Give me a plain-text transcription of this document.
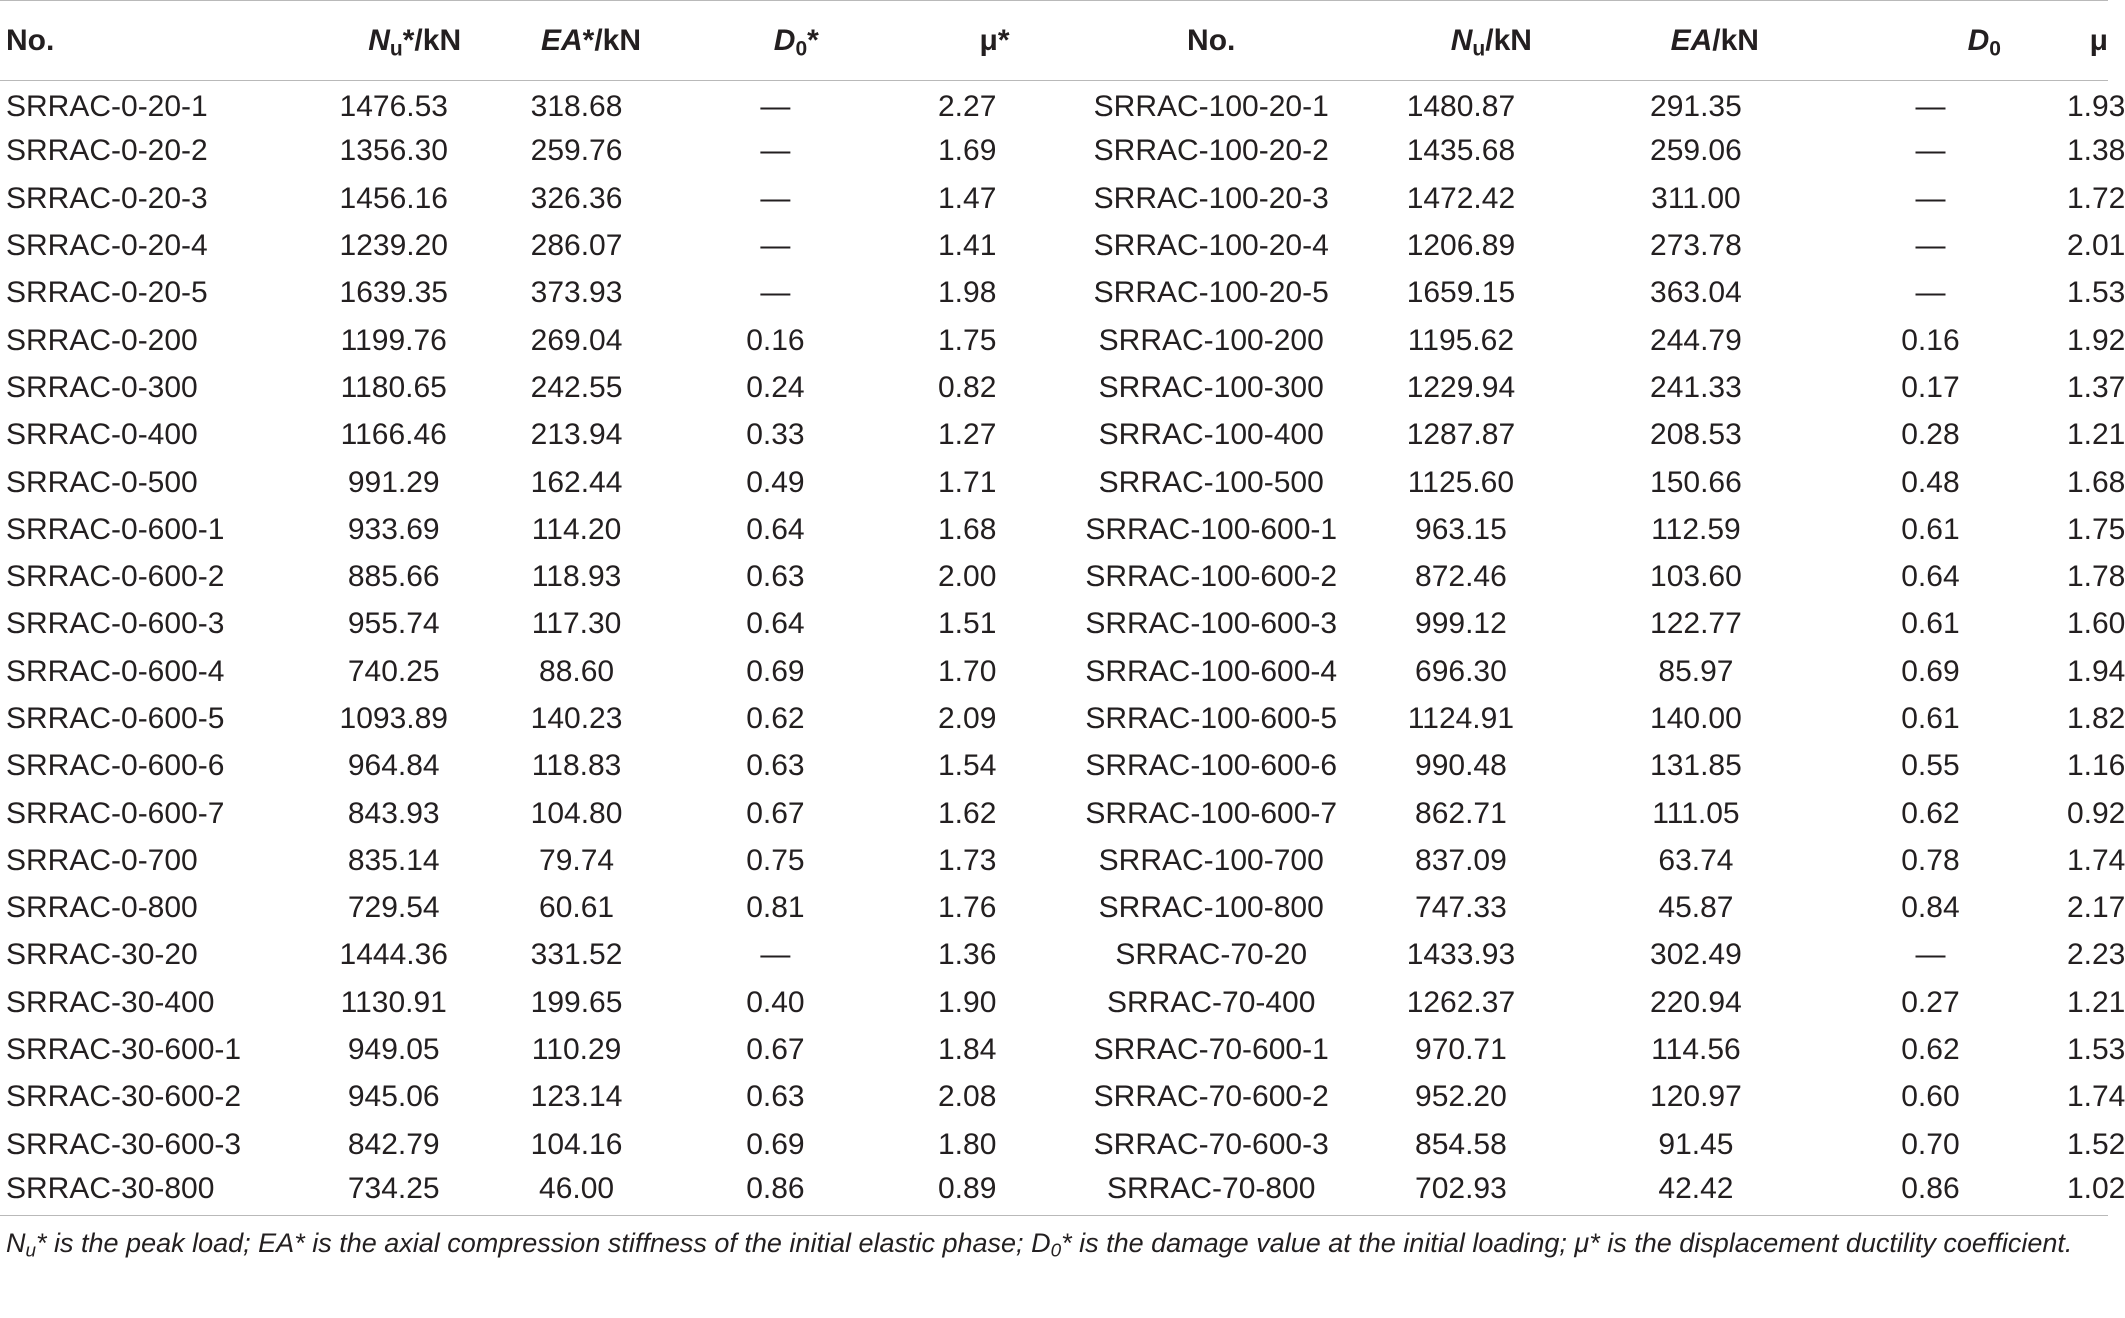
No.	$N_u*/kN$	EA*/kN	$D_0*$	μ*	No.	$N_u/kN$	EA/kN	$D_0$	μ
SRRAC-0-20-1	1476.53	318.68	—	2.27	SRRAC-100-20-1	1480.87	291.35	—	1.93
SRRAC-0-20-2	1356.30	259.76	—	1.69	SRRAC-100-20-2	1435.68	259.06	—	1.38
SRRAC-0-20-3	1456.16	326.36	—	1.47	SRRAC-100-20-3	1472.42	311.00	—	1.72
SRRAC-0-20-4	1239.20	286.07	—	1.41	SRRAC-100-20-4	1206.89	273.78	—	2.01
SRRAC-0-20-5	1639.35	373.93	—	1.98	SRRAC-100-20-5	1659.15	363.04	—	1.53
SRRAC-0-200	1199.76	269.04	0.16	1.75	SRRAC-100-200	1195.62	244.79	0.16	1.92
SRRAC-0-300	1180.65	242.55	0.24	0.82	SRRAC-100-300	1229.94	241.33	0.17	1.37
SRRAC-0-400	1166.46	213.94	0.33	1.27	SRRAC-100-400	1287.87	208.53	0.28	1.21
SRRAC-0-500	991.29	162.44	0.49	1.71	SRRAC-100-500	1125.60	150.66	0.48	1.68
SRRAC-0-600-1	933.69	114.20	0.64	1.68	SRRAC-100-600-1	963.15	112.59	0.61	1.75
SRRAC-0-600-2	885.66	118.93	0.63	2.00	SRRAC-100-600-2	872.46	103.60	0.64	1.78
SRRAC-0-600-3	955.74	117.30	0.64	1.51	SRRAC-100-600-3	999.12	122.77	0.61	1.60
SRRAC-0-600-4	740.25	88.60	0.69	1.70	SRRAC-100-600-4	696.30	85.97	0.69	1.94
SRRAC-0-600-5	1093.89	140.23	0.62	2.09	SRRAC-100-600-5	1124.91	140.00	0.61	1.82
SRRAC-0-600-6	964.84	118.83	0.63	1.54	SRRAC-100-600-6	990.48	131.85	0.55	1.16
SRRAC-0-600-7	843.93	104.80	0.67	1.62	SRRAC-100-600-7	862.71	111.05	0.62	0.92
SRRAC-0-700	835.14	79.74	0.75	1.73	SRRAC-100-700	837.09	63.74	0.78	1.74
SRRAC-0-800	729.54	60.61	0.81	1.76	SRRAC-100-800	747.33	45.87	0.84	2.17
SRRAC-30-20	1444.36	331.52	—	1.36	SRRAC-70-20	1433.93	302.49	—	2.23
SRRAC-30-400	1130.91	199.65	0.40	1.90	SRRAC-70-400	1262.37	220.94	0.27	1.21
SRRAC-30-600-1	949.05	110.29	0.67	1.84	SRRAC-70-600-1	970.71	114.56	0.62	1.53
SRRAC-30-600-2	945.06	123.14	0.63	2.08	SRRAC-70-600-2	952.20	120.97	0.60	1.74
SRRAC-30-600-3	842.79	104.16	0.69	1.80	SRRAC-70-600-3	854.58	91.45	0.70	1.52
SRRAC-30-800	734.25	46.00	0.86	0.89	SRRAC-70-800	702.93	42.42	0.86	1.02
$N_u*$ is the peak load; EA* is the axial compression stiffness of the initial elastic phase; $D_0*$ is the damage value at the initial loading; μ* is the displacement ductility coefficient.
